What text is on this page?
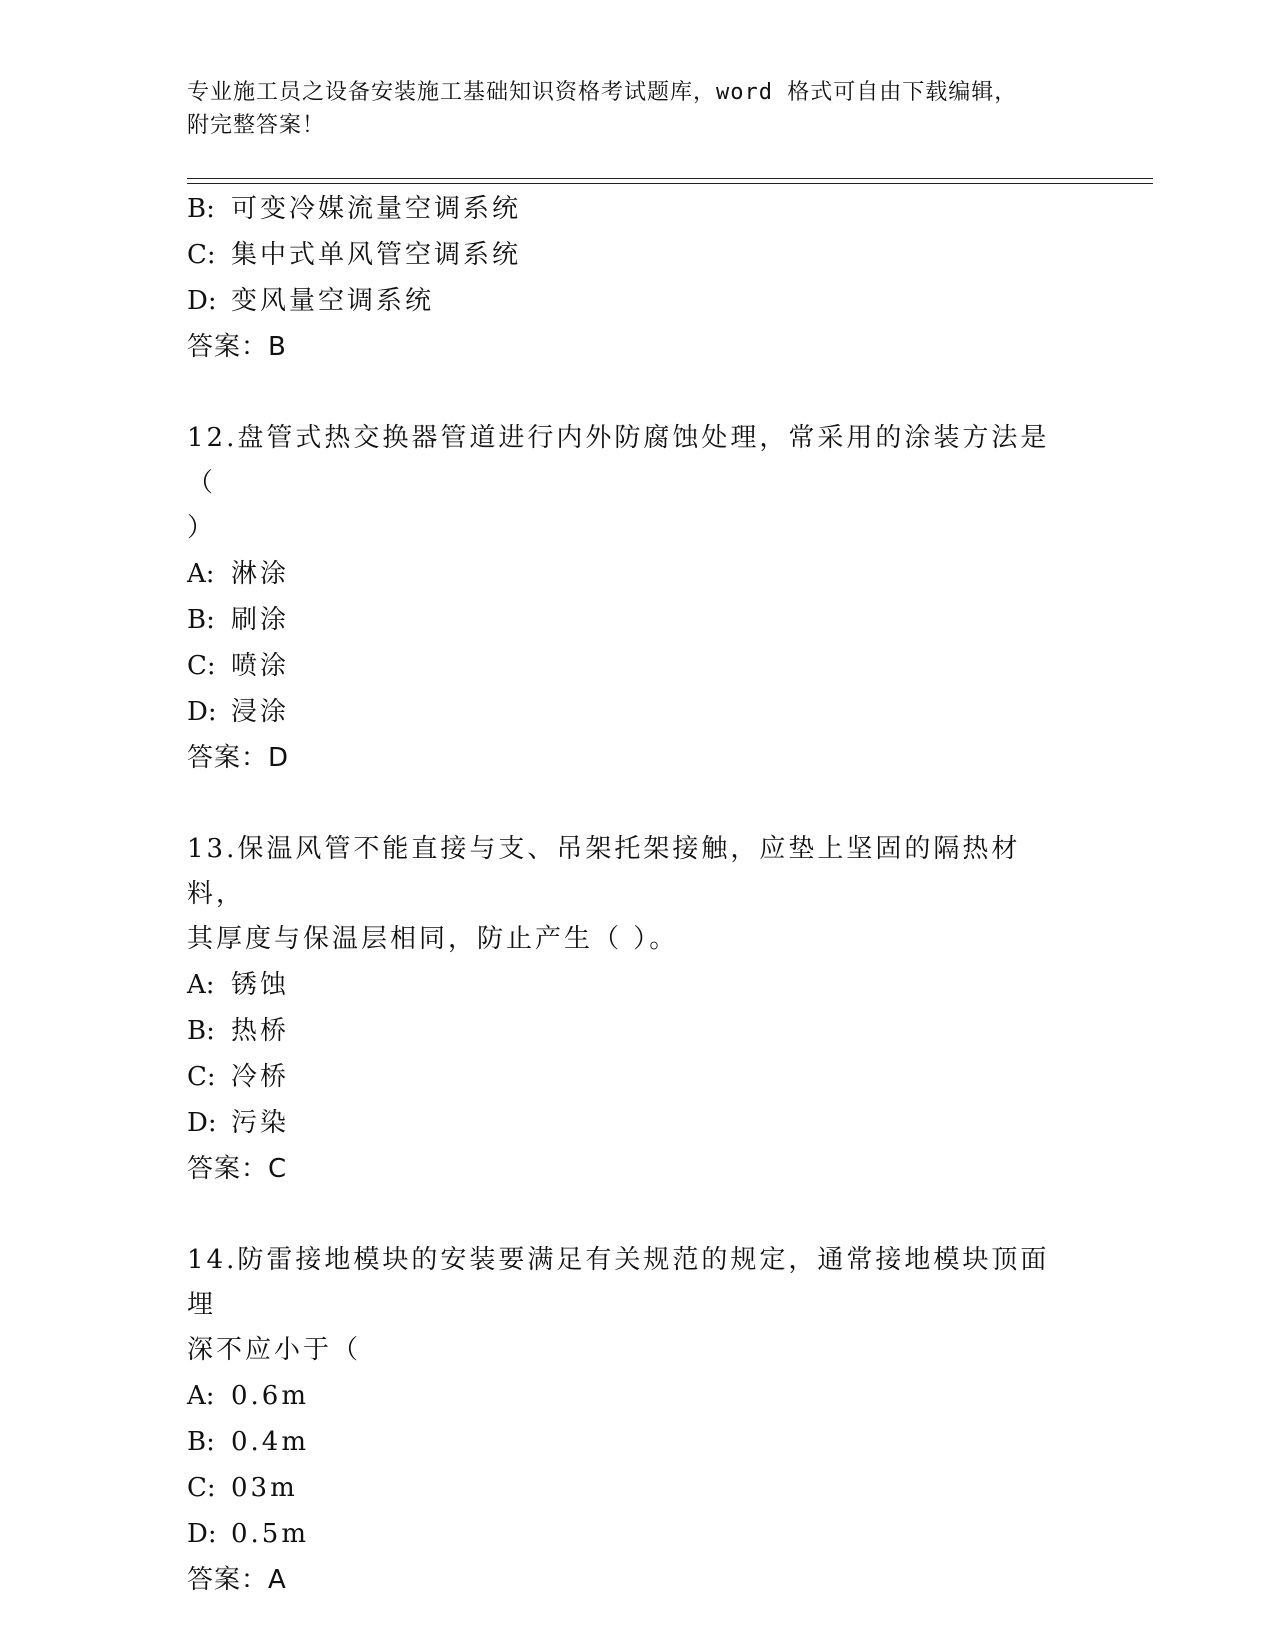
专业施工员之设备安装施工基础知识资格考试题库，word 格式可自由下载编辑，
附完整答案！
B: 可变冷媒流量空调系统
C: 集中式单风管空调系统
D: 变风量空调系统
答案：B
12.盘管式热交换器管道进行内外防腐蚀处理，常采用的涂装方法是（
）
A: 淋涂
B: 刷涂
C: 喷涂
D: 浸涂
答案：D
13.保温风管不能直接与支、吊架托架接触，应垫上坚固的隔热材料，
其厚度与保温层相同，防止产生（ ）。
A: 锈蚀
B: 热桥
C: 冷桥
D: 污染
答案：C
14.防雷接地模块的安装要满足有关规范的规定，通常接地模块顶面埋
深不应小于（
A: 0.6m
B: 0.4m
C: 03m
D: 0.5m
答案：A
